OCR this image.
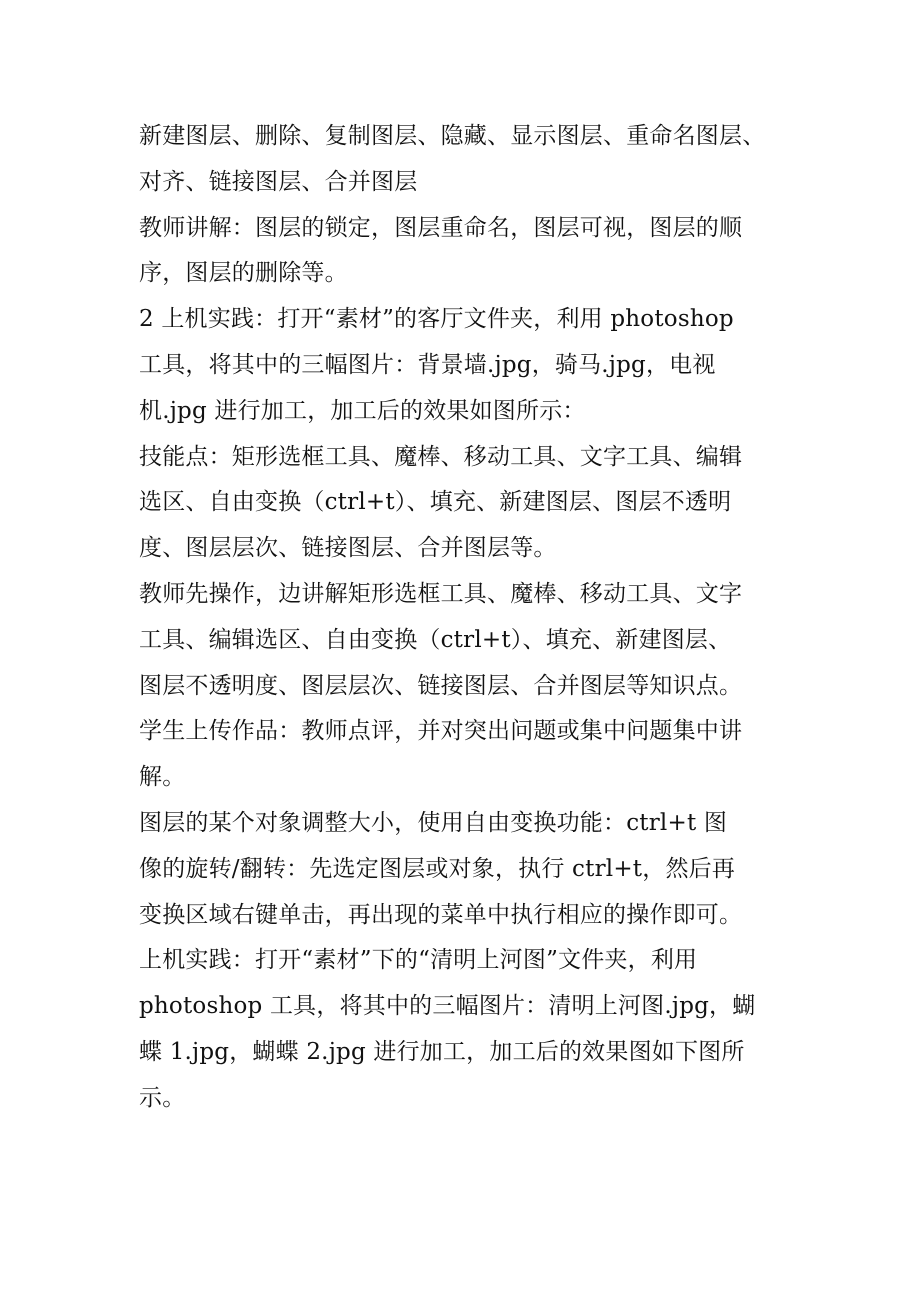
新建图层、删除、复制图层、隐藏、显示图层、重命名图层、
对齐、链接图层、合并图层
教师讲解：图层的锁定，图层重命名，图层可视，图层的顺
序，图层的删除等。
2 上机实践：打开“素材”的客厅文件夹，利用 photoshop
工具，将其中的三幅图片：背景墙.jpg，骑马.jpg，电视
机.jpg 进行加工，加工后的效果如图所示：
技能点：矩形选框工具、魔棒、移动工具、文字工具、编辑
选区、自由变换（ctrl+t）、填充、新建图层、图层不透明
度、图层层次、链接图层、合并图层等。
教师先操作，边讲解矩形选框工具、魔棒、移动工具、文字
工具、编辑选区、自由变换（ctrl+t）、填充、新建图层、
图层不透明度、图层层次、链接图层、合并图层等知识点。
学生上传作品：教师点评，并对突出问题或集中问题集中讲
解。
图层的某个对象调整大小，使用自由变换功能：ctrl+t 图
像的旋转/翻转：先选定图层或对象，执行 ctrl+t，然后再
变换区域右键单击，再出现的菜单中执行相应的操作即可。
上机实践：打开“素材”下的“清明上河图”文件夹，利用
photoshop 工具，将其中的三幅图片：清明上河图.jpg，蝴
蝶 1.jpg，蝴蝶 2.jpg 进行加工，加工后的效果图如下图所
示。
